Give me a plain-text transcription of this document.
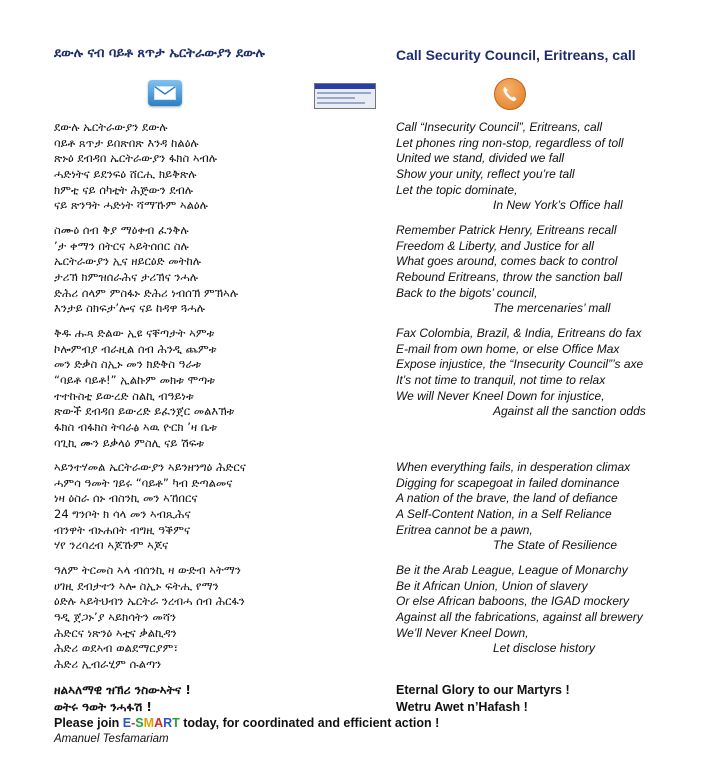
ደውሉ ናብ ባይቶ ጸጥታ ኤርትራውያን ደውሉ	Call Security Council, Eritreans, call
ደውሉ ኤርትራውያን ደውሉ	Call “Insecurity Council”, Eritreans, call
ባይቶ ጸጥታ ይበጽበጽ እንዳ ከልዕሉ	Let phones ring non-stop, regardless of toll
ጽኑዕ ደብዳበ ኤርትራውያን ፋክስ ኣብሉ	United we stand, divided we fall
ሓድነትና ይደንፍዕ ሸርሒ ክይቅጽሉ	Show your unity, reflect you’re tall
ክምቲ ናይ ሰካቲት ሕጅውን ደብሉ	Let the topic dominate,
ናይ ጽንዓት ሓድነት ሻማኹም ኣልዕሉ	In New York’s Office hall
ስሙዕ ሰብ ቅያ ማዕቀብ ፈንቅሉ	Remember Patrick Henry, Eritreans recall
’ታ ቀማን በትርና ኣይትሰበር ስሉ	Freedom & Liberty, and Justice for all
ኤርትራውያን ኢና ዘይርዕድ መትከሉ	What goes around, comes back to control
ታሪኽ ክምዝሰራሕና ታሪኽና ንሓሉ	Rebound Eritreans, throw the sanction ball
ድሕሪ ሰላም ምስፋኑ ድሕሪ ነብሰኽ ምኽኣሉ	Back to the bigots’ council,
እንታይ ስክፍታ’ሎና ናይ ከዳዋ ጓሓሉ	The mercenaries’ mall
ቅዱ ሑጻ ድልው ኢዩ ናቐጣታት ኣምቱ	Fax Colombia, Brazil, & India, Eritreans do fax
ኮሎምብያ ብራዚል ሰብ ሕንዲ ጨምቱ	E-mail from own home, or else Office Max
መን ድቃስ ስኢኑ መን ክድቅስ ዓራቱ	Expose injustice, the “Insecurity Council”’s axe
“ባይቶ ባይቶ!” ኢልኩም መክቱ ሞጣቱ	It’s not time to tranquil, not time to relax
ተተኩስቲ ይውረድ ስልኪ ብዓይነቱ	We will Never Kneel Down for injustice,
ጽውች ደብዳበ ይውረድ ይፈንጀር መልእኽቱ	Against all the sanction odds
ፋክስ ብፋክስ ትባራፅ ኣዉ ዮርክ ’ዛ ቤቱ
ባጊኪ ሙን ይቃላዕ ምስሊ ናይ ሽፍቱ
ኣይንተሃመል ኤርትራውያን ኣይንዘንግዕ ሕድርና	When everything fails, in desperation climax
ሓምሳ ዓመት ገይሩ “ባይቶ” ካብ ድጣልመና	Digging for scapegoat in failed dominance
ነዛ ዕስራ ሰኑ ብስንኪ መን ኣኸበርና	A nation of the brave, the land of defiance
24 ግንቦት ክ ሳላ መን ኣብጺሕና	A Self-Content Nation, in a Self Reliance
ብንዋት ብኑሐበት ብግዚ ዓቕምና	Eritrea cannot be a pawn,
ሃየ ንረባረብ ኣጆኹም ኣጆና	The State of Resilience
ዓለም ትርመስ ኣላ ብሰንኪ ዛ ውድብ ኣትማን	Be it the Arab League, League of Monarchy
ሀገዚ ደብታተን ኣሎ ስኢኑ ፍትሒ የማን	Be it African Union, Union of slavery
ዕድሉ ኣይትህብን ኤርትራ ንረብሓ ሰብ ሕርፋን	Or else African baboons, the IGAD mockery
ዓዲ ጀጋኑ’ያ ኣይክሳትን መሻን	Against all the fabrications, against all brewery
ሕድርና ነጽንዕ ኣቲና ቃልኪዳን	We’ll Never Kneel Down,
ሕድሪ ወደኣብ ወልደማርያም፣	Let disclose history
ሕድሪ ኢብራሂም ሱልጣን
ዘልኣለማዊ ዝኽሪ ንስውኣትና !	Eternal Glory to our Martyrs !
ወትሩ ዓወት ንሓፋሽ !	Wetru Awet n’Hafash !
Please join E-SMART today, for coordinated and efficient action !
Amanuel Tesfamariam
